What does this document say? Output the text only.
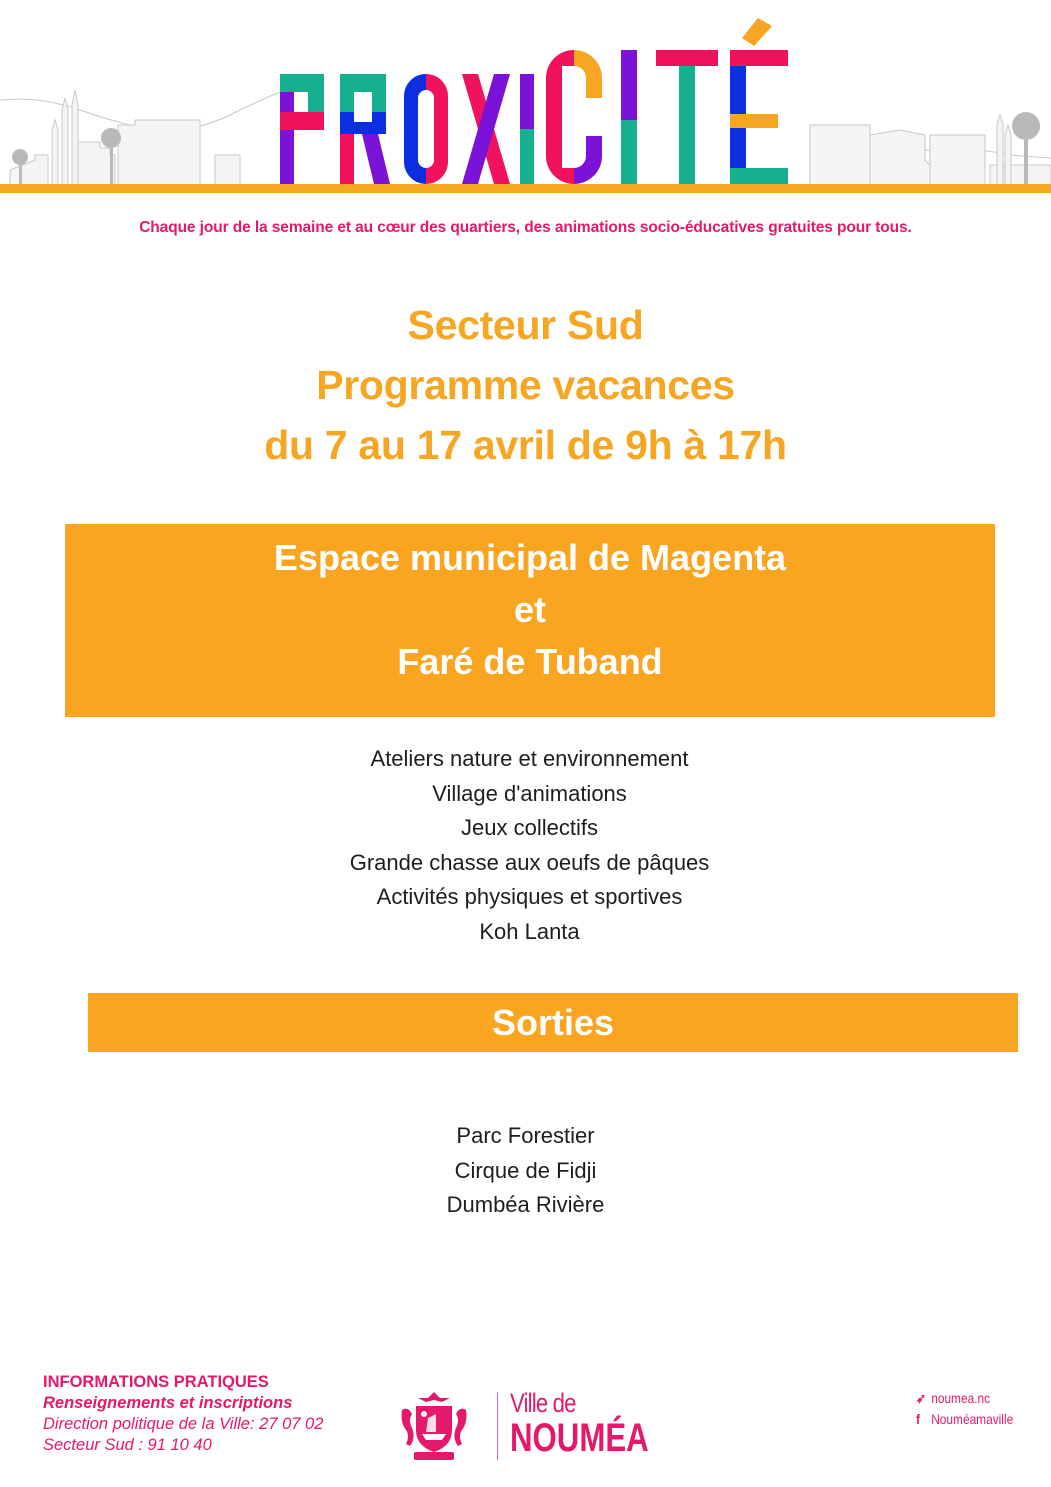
Chaque jour de la semaine et au cœur des quartiers, des animations socio-éducatives gratuites pour tous.
Secteur Sud
Programme vacances
du 7 au 17 avril de 9h à 17h
Espace municipal de Magenta
et
Faré de Tuband
Ateliers nature et environnement
Village d'animations
Jeux collectifs
Grande chasse aux oeufs de pâques
Activités physiques et sportives
Koh Lanta
Sorties
Parc Forestier
Cirque de Fidji
Dumbéa Rivière
INFORMATIONS PRATIQUES
Renseignements et inscriptions
Direction politique de la Ville: 27 07 02
Secteur Sud : 91 10 40
Ville de
NOUMÉA
➶ noumea.nc
f Nouméamaville
